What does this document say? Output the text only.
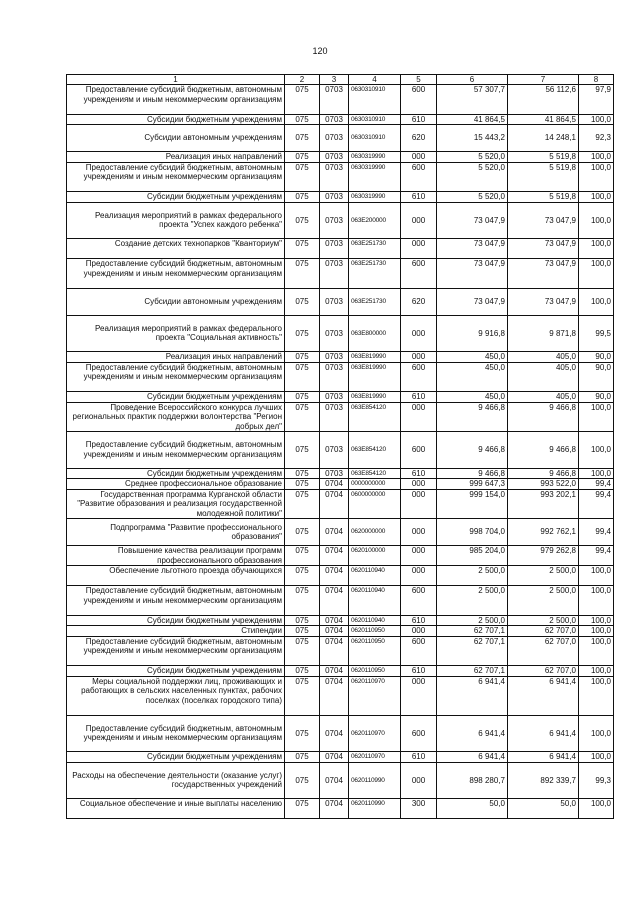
120
1	2	3	4	5	6	7	8
Предоставление субсидий бюджетным, автономным учреждениям и иным некоммерческим организациям	075	0703	0630310910	600	57 307,7	56 112,6	97,9
Субсидии бюджетным учреждениям	075	0703	0630310910	610	41 864,5	41 864,5	100,0
Субсидии автономным учреждениям	075	0703	0630310910	620	15 443,2	14 248,1	92,3
Реализация иных направлений	075	0703	0630319990	000	5 520,0	5 519,8	100,0
Предоставление субсидий бюджетным, автономным учреждениям и иным некоммерческим организациям	075	0703	0630319990	600	5 520,0	5 519,8	100,0
Субсидии бюджетным учреждениям	075	0703	0630319990	610	5 520,0	5 519,8	100,0
Реализация мероприятий в рамках федерального проекта "Успех каждого ребенка"	075	0703	063E200000	000	73 047,9	73 047,9	100,0
Создание детских технопарков "Кванториум"	075	0703	063E251730	000	73 047,9	73 047,9	100,0
Предоставление субсидий бюджетным, автономным учреждениям и иным некоммерческим организациям	075	0703	063E251730	600	73 047,9	73 047,9	100,0
Субсидии автономным учреждениям	075	0703	063E251730	620	73 047,9	73 047,9	100,0
Реализация мероприятий в рамках федерального проекта "Социальная активность"	075	0703	063E800000	000	9 916,8	9 871,8	99,5
Реализация иных направлений	075	0703	063E819990	000	450,0	405,0	90,0
Предоставление субсидий бюджетным, автономным учреждениям и иным некоммерческим организациям	075	0703	063E819990	600	450,0	405,0	90,0
Субсидии бюджетным учреждениям	075	0703	063E819990	610	450,0	405,0	90,0
Проведение Всероссийского конкурса лучших региональных практик поддержки волонтерства "Регион добрых дел"	075	0703	063E854120	000	9 466,8	9 466,8	100,0
Предоставление субсидий бюджетным, автономным учреждениям и иным некоммерческим организациям	075	0703	063E854120	600	9 466,8	9 466,8	100,0
Субсидии бюджетным учреждениям	075	0703	063E854120	610	9 466,8	9 466,8	100,0
Среднее профессиональное образование	075	0704	0000000000	000	999 647,3	993 522,0	99,4
Государственная программа Курганской области "Развитие образования и реализация государственной молодежной политики"	075	0704	0600000000	000	999 154,0	993 202,1	99,4
Подпрограмма "Развитие профессионального образования"	075	0704	0620000000	000	998 704,0	992 762,1	99,4
Повышение качества реализации программ профессионального образования	075	0704	0620100000	000	985 204,0	979 262,8	99,4
Обеспечение льготного проезда обучающихся	075	0704	0620110940	000	2 500,0	2 500,0	100,0
Предоставление субсидий бюджетным, автономным учреждениям и иным некоммерческим организациям	075	0704	0620110940	600	2 500,0	2 500,0	100,0
Субсидии бюджетным учреждениям	075	0704	0620110940	610	2 500,0	2 500,0	100,0
Стипендии	075	0704	0620110950	000	62 707,1	62 707,0	100,0
Предоставление субсидий бюджетным, автономным учреждениям и иным некоммерческим организациям	075	0704	0620110950	600	62 707,1	62 707,0	100,0
Субсидии бюджетным учреждениям	075	0704	0620110950	610	62 707,1	62 707,0	100,0
Меры социальной поддержки лиц, проживающих и работающих в сельских населенных пунктах, рабочих поселках (поселках городского типа)	075	0704	0620110970	000	6 941,4	6 941,4	100,0
Предоставление субсидий бюджетным, автономным учреждениям и иным некоммерческим организациям	075	0704	0620110970	600	6 941,4	6 941,4	100,0
Субсидии бюджетным учреждениям	075	0704	0620110970	610	6 941,4	6 941,4	100,0
Расходы на обеспечение деятельности (оказание услуг) государственных учреждений	075	0704	0620110990	000	898 280,7	892 339,7	99,3
Социальное обеспечение и иные выплаты населению	075	0704	0620110990	300	50,0	50,0	100,0
